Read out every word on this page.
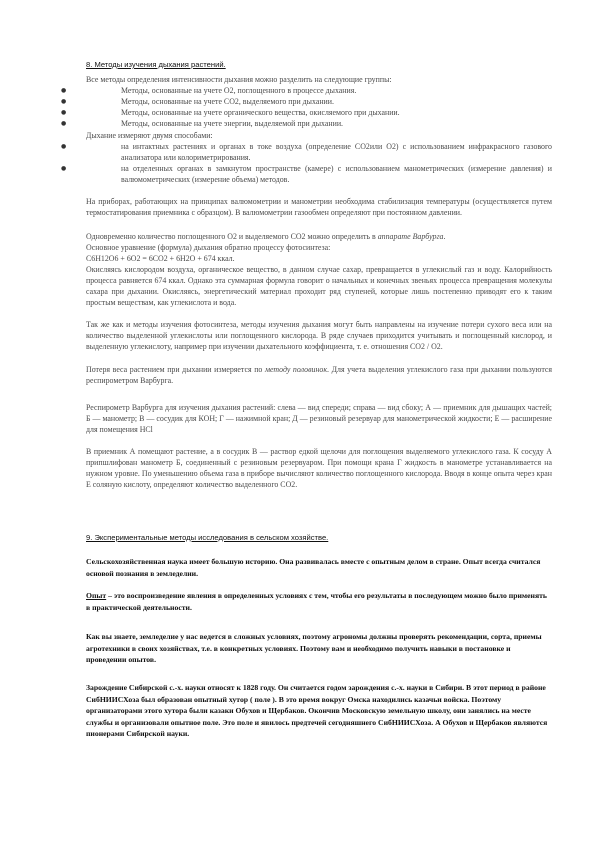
8. Методы изучения дыхания растений.

Все методы определения интенсивности дыхания можно разделить на следующие группы:

●	Методы, основанные на учете О2, поглощенного в процессе дыхания.

●	Методы, основанные на учете СО2, выделяемого при дыхании.

●	Методы, основанные на учете органического вещества, окисляемого при дыхании.

●	Методы, основанные на учете энергии, выделяемой при дыхании.

Дыхание измеряют двумя способами:

●	на интактных растениях и органах в токе воздуха (определение СО2или О2) с использованием инфракрасного газового анализатора или колориметрирования.

●	на отделенных органах в замкнутом пространстве (камере) с использованием манометрических (измерение давления) и валюмометрических (измерение объема) методов.

На приборах, работающих на принципах валюмометрии и манометрии необходима стабилизация температуры (осуществляется путем термостатирования приемника с образцом). В валюмометрии газообмен определяют при постоянном давлении.

Одновременно количество поглощенного О2 и выделяемого СО2 можно определить в аппарате Варбурга.

Основное уравнение (формула) дыхания обратно процессу фотосинтеза:

С6Н12О6 + 6О2 = 6СО2 + 6Н2О + 674 ккал.

Окисляясь кислородом воздуха, органическое вещество, в данном случае сахар, превращается в углекислый газ и воду. Калорийность процесса равняется 674 ккал. Однако эта суммарная формула говорит о начальных и конечных звеньях процесса превращения молекулы сахара при дыхании. Окисляясь, энергетический материал проходит ряд ступеней, которые лишь постепенно приводят его к таким простым веществам, как углекислота и вода.

Так же как и методы изучения фотосинтеза, методы изучения дыхания могут быть направлены на изучение потери сухого веса или на количество выделенной углекислоты или поглощенного кислорода. В ряде случаев приходится учитывать и поглощенный кислород, и выделенную углекислоту, например при изучении дыхательного коэффициента, т. е. отношения СО2 / О2.

Потеря веса растением при дыхании измеряется по методу половинок. Для учета выделения углекислого газа при дыхании пользуются респирометром Варбурга.

Респирометр Варбурга для изучения дыхания растений: слева — вид спереди; справа — вид сбоку; А — приемник для дышащих частей; Б — манометр; В — сосудик для КОН; Г — нажимной кран; Д — резиновый резервуар для манометрической жидкости; Е — расширение для помещения НСl

В приемник А помещают растение, а в сосудик В — раствор едкой щелочи для поглощения выделяемого углекислого газа. К сосуду А припшлифован манометр Б, соединенный с резиновым резервуаром. При помощи крана Г жидкость в манометре устанавливается на нужном уровне. По уменьшению объема газа в приборе вычисляют количество поглощенного кислорода. Вводя в конце опыта через кран Е соляную кислоту, определяют количество выделенного СО2.

9. Экспериментальные методы исследования в сельском хозяйстве.

Сельскохозяйственная наука имеет большую историю. Она развивалась вместе с опытным делом в стране. Опыт всегда считался основой познания в земледелии.

Опыт – это воспроизведение явления в определенных условиях с тем, чтобы его результаты в последующем можно было применять в практической деятельности.

Как вы знаете, земледелие у нас ведется в сложных условиях, поэтому агрономы должны проверять рекомендации, сорта, приемы агротехники в своих хозяйствах, т.е. в конкретных условиях. Поэтому вам и необходимо получить навыки в постановке и проведении опытов.

Зарождение Сибирской с.-х. науки относят к 1828 году. Он считается годом зарождения с.-х. науки в Сибири. В этот период в районе СибНИИСХоза был образован опытный хутор ( поле ). В это время вокруг Омска находились казачьи войска. Поэтому организаторами этого хутора были казаки Обухов и Щербаков. Окончив Московскую земельную школу, они занялись на месте службы и организовали опытное поле. Это поле и явилось предтечей сегодняшнего СибНИИСХоза. А Обухов и Щербаков являются пионерами Сибирской науки.
